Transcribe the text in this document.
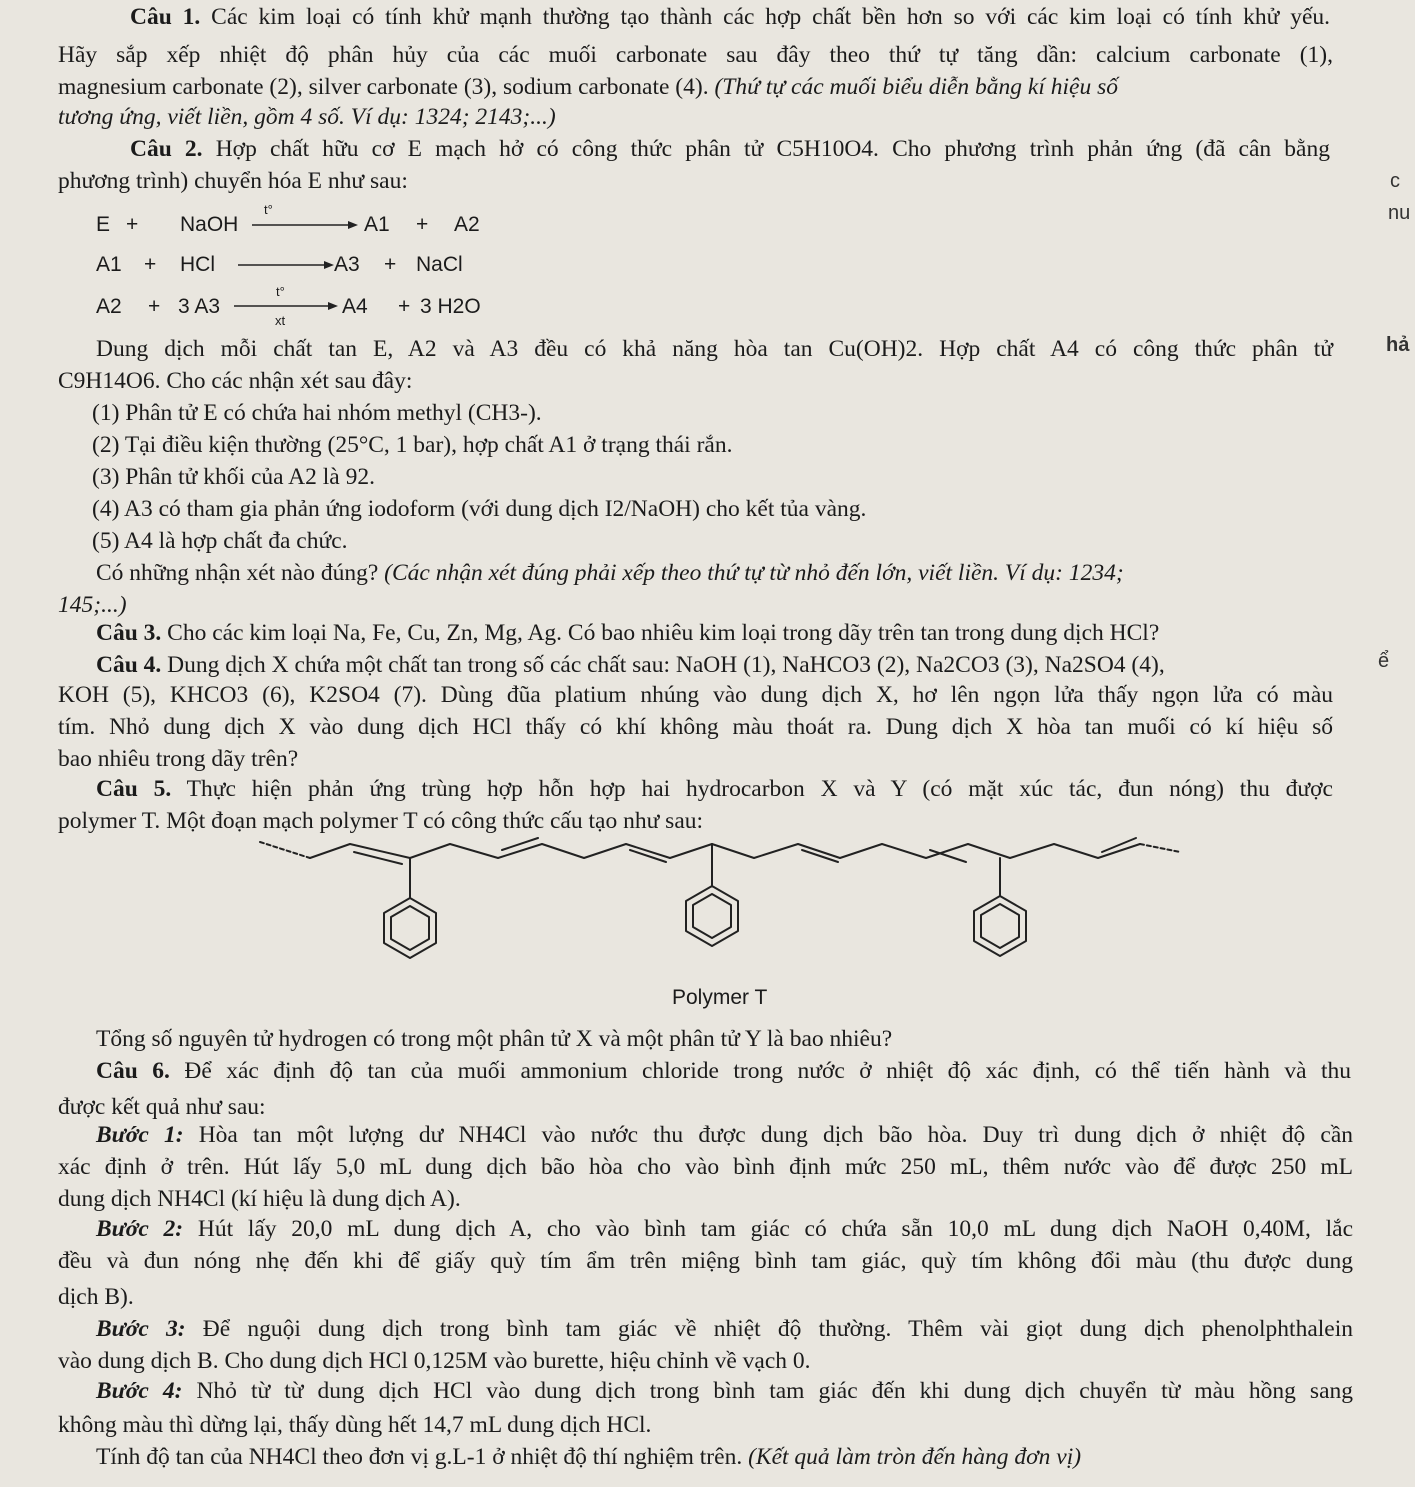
Câu 1. Các kim loại có tính khử mạnh thường tạo thành các hợp chất bền hơn so với các kim loại có tính khử yếu.
Hãy sắp xếp nhiệt độ phân hủy của các muối carbonate sau đây theo thứ tự tăng dần: calcium carbonate (1),
magnesium carbonate (2), silver carbonate (3), sodium carbonate (4). (Thứ tự các muối biểu diễn bằng kí hiệu số
tương ứng, viết liền, gồm 4 số. Ví dụ: 1324; 2143;...)
Câu 2. Hợp chất hữu cơ E mạch hở có công thức phân tử C5H10O4. Cho phương trình phản ứng (đã cân bằng
phương trình) chuyển hóa E như sau:	c
nu
E + NaOH	A1 + A2
t°
A1 + HCl	A3 + NaCl
A2 + 3 A3	A4 + 3 H2O
t°
xt
Dung dịch mỗi chất tan E, A2 và A3 đều có khả năng hòa tan Cu(OH)2. Hợp chất A4 có công thức phân tử	hả
C9H14O6. Cho các nhận xét sau đây:
(1) Phân tử E có chứa hai nhóm methyl (CH3-).
(2) Tại điều kiện thường (25°C, 1 bar), hợp chất A1 ở trạng thái rắn.
(3) Phân tử khối của A2 là 92.
(4) A3 có tham gia phản ứng iodoform (với dung dịch I2/NaOH) cho kết tủa vàng.
(5) A4 là hợp chất đa chức.
Có những nhận xét nào đúng? (Các nhận xét đúng phải xếp theo thứ tự từ nhỏ đến lớn, viết liền. Ví dụ: 1234;
145;...)
Câu 3. Cho các kim loại Na, Fe, Cu, Zn, Mg, Ag. Có bao nhiêu kim loại trong dãy trên tan trong dung dịch HCl?
Câu 4. Dung dịch X chứa một chất tan trong số các chất sau: NaOH (1), NaHCO3 (2), Na2CO3 (3), Na2SO4 (4),	ể
KOH (5), KHCO3 (6), K2SO4 (7). Dùng đũa platium nhúng vào dung dịch X, hơ lên ngọn lửa thấy ngọn lửa có màu
tím. Nhỏ dung dịch X vào dung dịch HCl thấy có khí không màu thoát ra. Dung dịch X hòa tan muối có kí hiệu số
bao nhiêu trong dãy trên?
Câu 5. Thực hiện phản ứng trùng hợp hỗn hợp hai hydrocarbon X và Y (có mặt xúc tác, đun nóng) thu được
polymer T. Một đoạn mạch polymer T có công thức cấu tạo như sau:
Polymer T
Tổng số nguyên tử hydrogen có trong một phân tử X và một phân tử Y là bao nhiêu?
Câu 6. Để xác định độ tan của muối ammonium chloride trong nước ở nhiệt độ xác định, có thể tiến hành và thu
được kết quả như sau:
Bước 1: Hòa tan một lượng dư NH4Cl vào nước thu được dung dịch bão hòa. Duy trì dung dịch ở nhiệt độ cần
xác định ở trên. Hút lấy 5,0 mL dung dịch bão hòa cho vào bình định mức 250 mL, thêm nước vào để được 250 mL
dung dịch NH4Cl (kí hiệu là dung dịch A).
Bước 2: Hút lấy 20,0 mL dung dịch A, cho vào bình tam giác có chứa sẵn 10,0 mL dung dịch NaOH 0,40M, lắc
đều và đun nóng nhẹ đến khi để giấy quỳ tím ẩm trên miệng bình tam giác, quỳ tím không đổi màu (thu được dung
dịch B).
Bước 3: Để nguội dung dịch trong bình tam giác về nhiệt độ thường. Thêm vài giọt dung dịch phenolphthalein
vào dung dịch B. Cho dung dịch HCl 0,125M vào burette, hiệu chỉnh về vạch 0.
Bước 4: Nhỏ từ từ dung dịch HCl vào dung dịch trong bình tam giác đến khi dung dịch chuyển từ màu hồng sang
không màu thì dừng lại, thấy dùng hết 14,7 mL dung dịch HCl.
Tính độ tan của NH4Cl theo đơn vị g.L-1 ở nhiệt độ thí nghiệm trên. (Kết quả làm tròn đến hàng đơn vị)
